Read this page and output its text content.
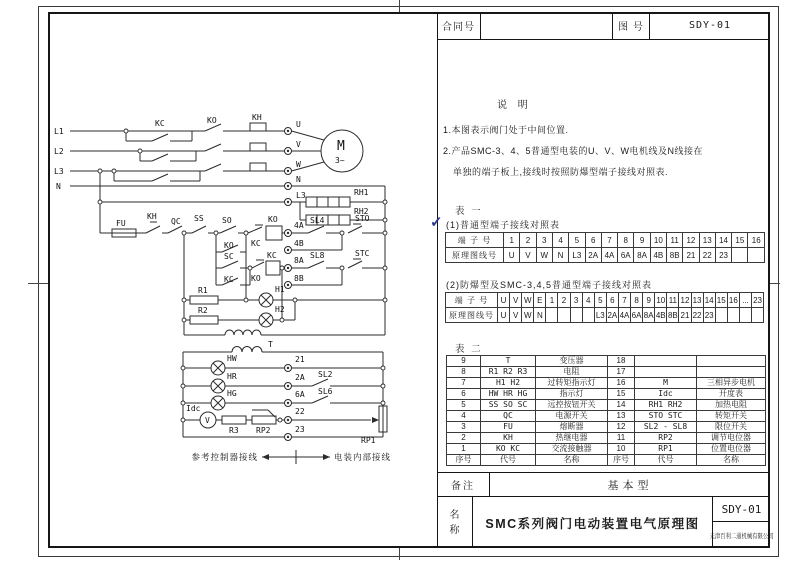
合同号	图 号	SDY-01
说 明
1.本图表示阀门处于中间位置.
2.产品SMC-3、4、5普通型电装的U、V、W电机线及N线接在
单独的端子板上,接线时按照防爆型端子接线对照表.
表 一
✓ (1)普通型端子接线对照表
端 子 号	1	2	3	4	5	6	7	8	9	10	11	12	13	14	15	16
原理图线号	U	V	W	N	L3	2A	4A	6A	8A	4B	8B	21	22	23		
(2)防爆型及SMC-3,4,5普通型端子接线对照表
端 子 号	U	V	W	E	1	2	3	4	5	6	7	8	9	10	11	12	13	14	15	16	...	23
原理图线号	U	V	W	N					L3	2A	4A	6A	8A	4B	8B	21	22	23				
表 二
9	T	变压器	18		
8	R1 R2 R3	电阻	17		
7	H1 H2	过转矩指示灯	16	M	三相异步电机
6	HW HR HG	指示灯	15	Idc	开度表
5	SS SO SC	远控按钮开关	14	RH1 RH2	加热电阻
4	QC	电源开关	13	STO STC	转矩开关
3	FU	熔断器	12	SL2 - SL8	限位开关
2	KH	热继电器	11	RP2	调节电位器
1	KO KC	交流接触器	10	RP1	位置电位器
序号	代号	名称	序号	代号	名称
备注	基本型
名称	SMC系列阀门电动装置电气原理图
SDY-01
天津百利二通机械有限公司
L1
L2
L3
N
KC	KO	KH
U
V
W
N
M
3~
L3	RH1
RH2
FU
KH
QC SS SO
KC
KO
4A
4B
SL4	STO
KO
SC
KO
KC
8A
8B
SL8	STC
KC
R1
R2
H1
H2
T
HW
HR
HG
21
2A
6A
22
23
SL2
SL6
Idc
V
R3 RP2
RP1
参考控制器接线	电装内部接线
